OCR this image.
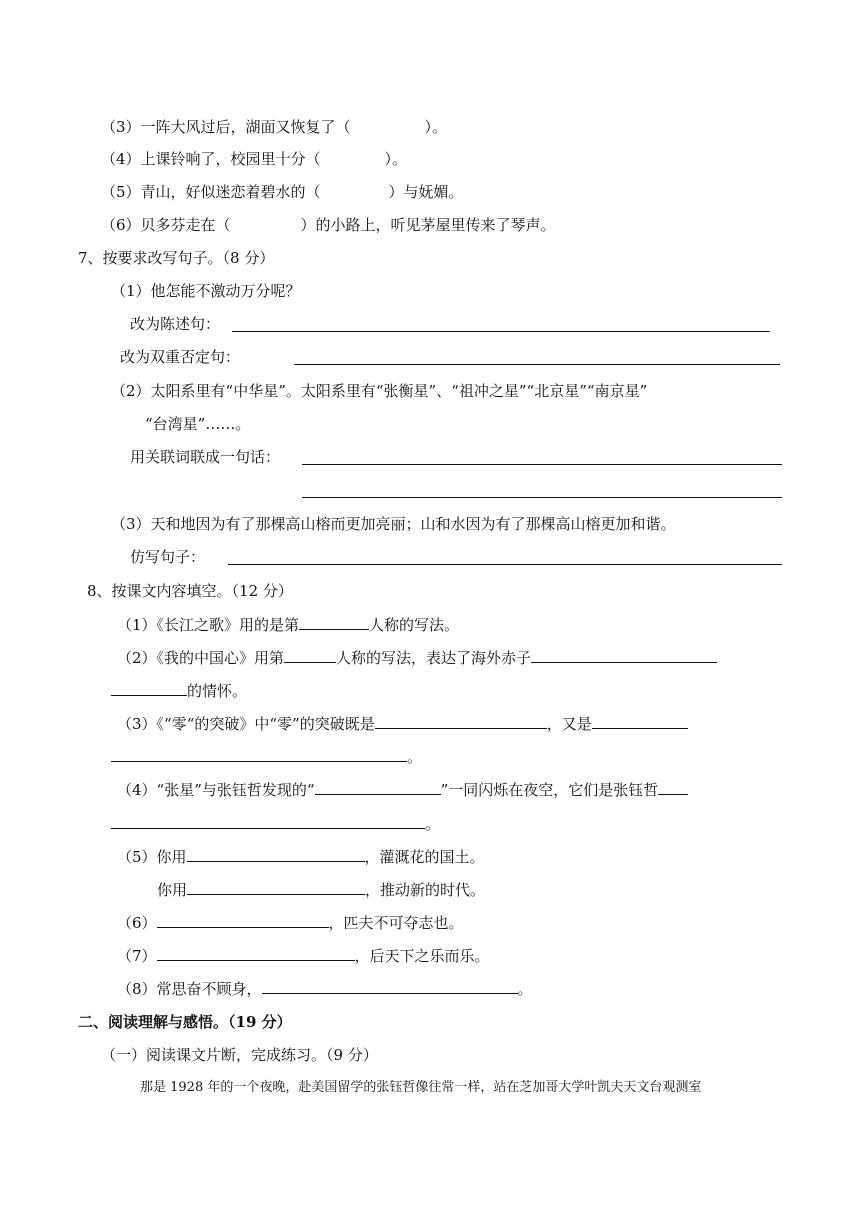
（3）一阵大风过后，湖面又恢复了（	）。
（4）上课铃响了，校园里十分（	）。
（5）青山，好似迷恋着碧水的（	）与妩媚。
（6）贝多芬走在（	）的小路上，听见茅屋里传来了琴声。
7、按要求改写句子。（8 分）
（1）他怎能不激动万分呢？
改为陈述句：
改为双重否定句：
（2）太阳系里有“中华星”。太阳系里有“张衡星”、“祖冲之星”“北京星”“南京星”
“台湾星”……。
用关联词联成一句话：
（3）天和地因为有了那棵高山榕而更加亮丽；山和水因为有了那棵高山榕更加和谐。
仿写句子：
8、按课文内容填空。（12 分）
（1）《长江之歌》用的是第	人称的写法。
（2）《我的中国心》用第	人称的写法，表达了海外赤子
的情怀。
（3）《“零“的突破》中“零”的突破既是	，又是
。
（4）“张星”与张钰哲发现的“	”一同闪烁在夜空，它们是张钰哲
。
（5）你用	，灌溉花的国土。
你用	，推动新的时代。
（6）	，匹夫不可夺志也。
（7）	，后天下之乐而乐。
（8）常思奋不顾身，	。
二、阅读理解与感悟。（19 分）
（一）阅读课文片断，完成练习。（9 分）
那是 1928 年的一个夜晚，赴美国留学的张钰哲像往常一样，站在芝加哥大学叶凯夫天文台观测室
